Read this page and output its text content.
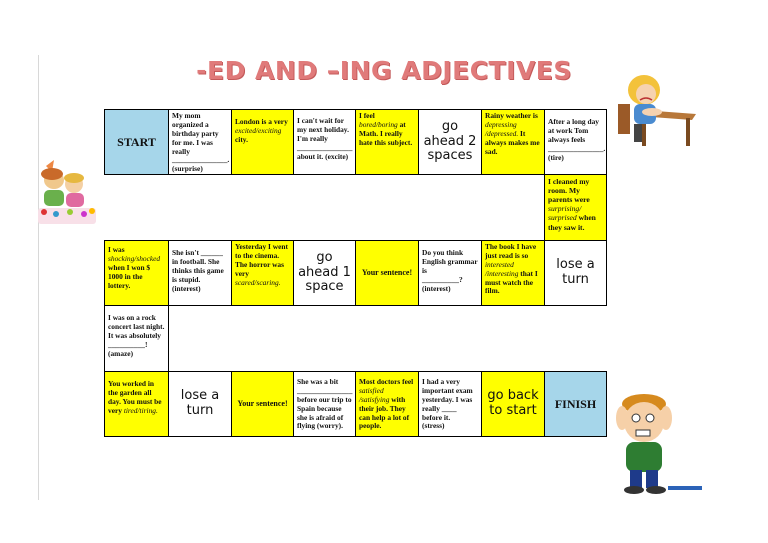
-ED AND –ING ADJECTIVES
START
My mom organized a birthday party for me. I was really
_______________.
(surprise)
London is a very
excited/exciting
city.
I can't wait for my next holiday. I'm really
_______________
about it. (excite)
I feel
bored/boring at Math. I really hate this subject.
go ahead 2 spaces
Rainy weather is depressing /depressed. It always makes me sad.
After a long day at work Tom always feels
_______________.
(tire)
I cleaned my room. My parents were surprising/ surprised when they saw it.
I was
shocking/shocked
when I won $ 1000 in the lottery.
She isn't ______ in football. She thinks this game is stupid.
(interest)
Yesterday I went to the cinema. The horror was very scared/scaring.
go ahead 1 space
Your sentence!
Do you think English grammar is
__________?
(interest)
The book I have just read is so interested /interesting that I must watch the film.
lose a turn
I was on a rock concert last night. It was absolutely
__________!
(amaze)
You worked in the garden all day. You must be very tired/tiring.
lose a turn	Your sentence!
She was a bit
_______________
before our trip to Spain because she is afraid of flying (worry).
Most doctors feel satisfied /satisfying with their job. They can help a lot of people.
I had a very important exam yesterday. I was really ____ before it.
(stress)
go back to start	FINISH
